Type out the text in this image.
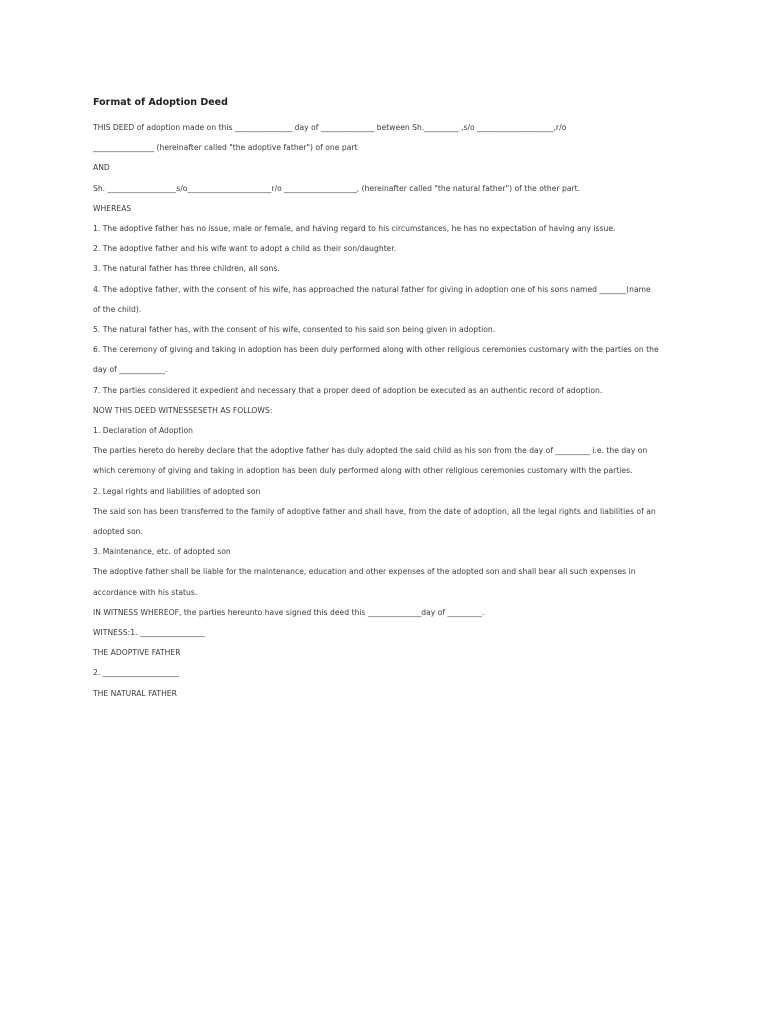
Format of Adoption Deed

THIS DEED of adoption made on this _______________ day of ______________ between Sh._________ ,s/o ____________________,r/o

________________ (hereinafter called "the adoptive father") of one part

AND

Sh. __________________s/o______________________r/o ___________________, (hereinafter called "the natural father") of the other part.

WHEREAS

1. The adoptive father has no issue, male or female, and having regard to his circumstances, he has no expectation of having any issue.

2. The adoptive father and his wife want to adopt a child as their son/daughter.

3. The natural father has three children, all sons.

4. The adoptive father, with the consent of his wife, has approached the natural father for giving in adoption one of his sons named _______(name

of the child).

5. The natural father has, with the consent of his wife, consented to his said son being given in adoption.

6. The ceremony of giving and taking in adoption has been duly performed along with other religious ceremonies customary with the parties on the

day of ____________.

7. The parties considered it expedient and necessary that a proper deed of adoption be executed as an authentic record of adoption.

NOW THIS DEED WITNESSESETH AS FOLLOWS:

1. Declaration of Adoption

The parties hereto do hereby declare that the adoptive father has duly adopted the said child as his son from the day of _________ i.e. the day on

which ceremony of giving and taking in adoption has been duly performed along with other religious ceremonies customary with the parties.

2. Legal rights and liabilities of adopted son

The said son has been transferred to the family of adoptive father and shall have, from the date of adoption, all the legal rights and liabilities of an

adopted son.

3. Maintenance, etc. of adopted son

The adoptive father shall be liable for the maintenance, education and other expenses of the adopted son and shall bear all such expenses in

accordance with his status.

IN WITNESS WHEREOF, the parties hereunto have signed this deed this ______________day of _________.

WITNESS:1. _________________

THE ADOPTIVE FATHER

2. ____________________

THE NATURAL FATHER
